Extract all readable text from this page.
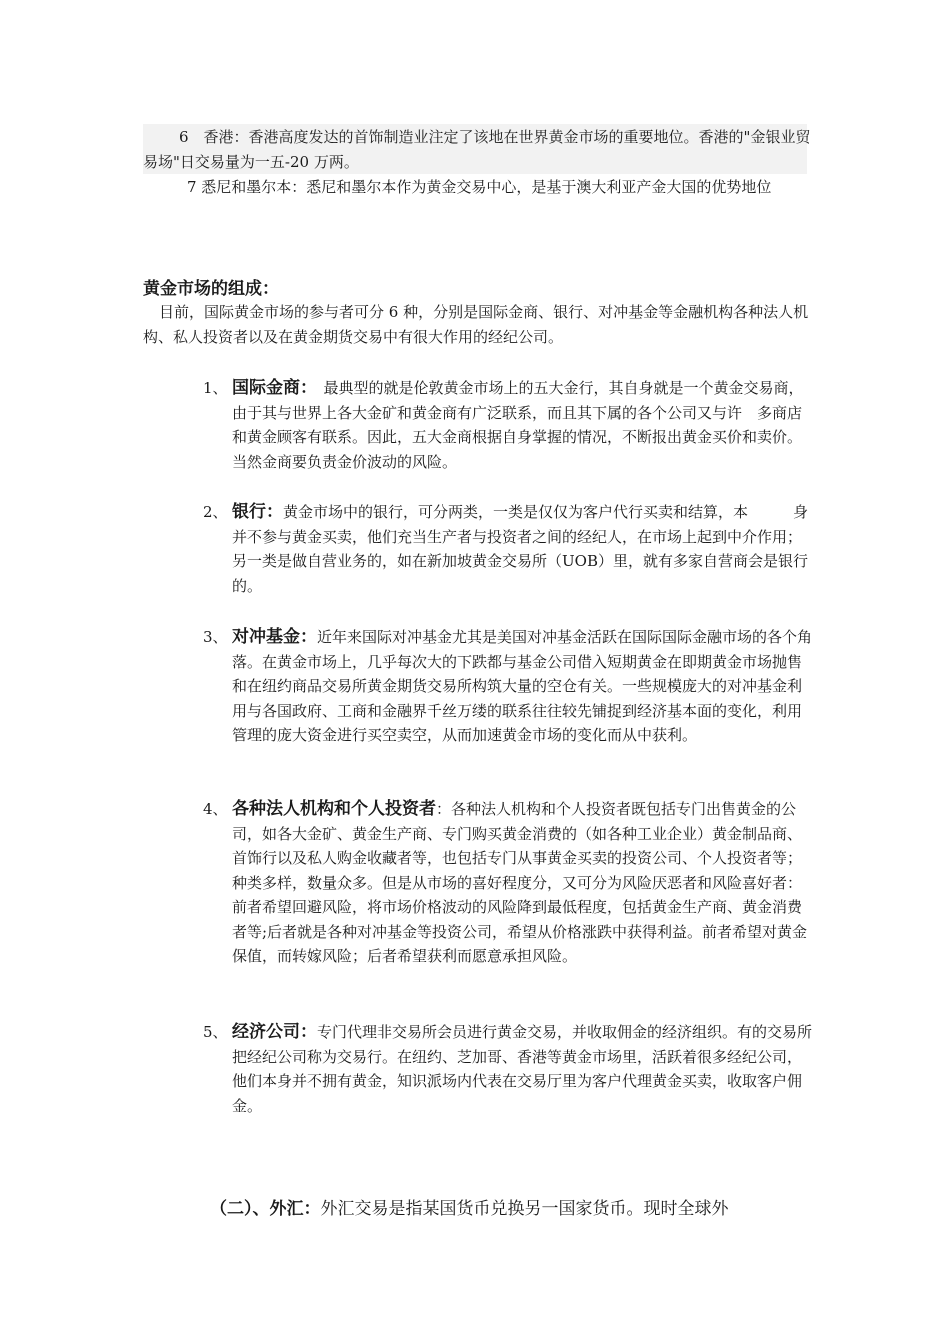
6　香港：香港高度发达的首饰制造业注定了该地在世界黄金市场的重要地位。香港的"金银业贸易场"日交易量为一五-20 万两。
7 悉尼和墨尔本：悉尼和墨尔本作为黄金交易中心，是基于澳大利亚产金大国的优势地位
黄金市场的组成：
目前，国际黄金市场的参与者可分 6 种，分别是国际金商、银行、对冲基金等金融机构各种法人机构、私人投资者以及在黄金期货交易中有很大作用的经纪公司。
1、 国际金商：　最典型的就是伦敦黄金市场上的五大金行，其自身就是一个黄金交易商，由于其与世界上各大金矿和黄金商有广泛联系，而且其下属的各个公司又与许　多商店和黄金顾客有联系。因此，五大金商根据自身掌握的情况，不断报出黄金买价和卖价。当然金商要负责金价波动的风险。
2、 银行：黄金市场中的银行，可分两类，一类是仅仅为客户代行买卖和结算，本　　　身并不参与黄金买卖，他们充当生产者与投资者之间的经纪人，在市场上起到中介作用；另一类是做自营业务的，如在新加坡黄金交易所（UOB）里，就有多家自营商会是银行的。
3、 对冲基金：近年来国际对冲基金尤其是美国对冲基金活跃在国际国际金融市场的各个角落。在黄金市场上，几乎每次大的下跌都与基金公司借入短期黄金在即期黄金市场抛售和在纽约商品交易所黄金期货交易所构筑大量的空仓有关。一些规模庞大的对冲基金利用与各国政府、工商和金融界千丝万缕的联系往往较先铺捉到经济基本面的变化，利用管理的庞大资金进行买空卖空，从而加速黄金市场的变化而从中获利。
4、 各种法人机构和个人投资者：各种法人机构和个人投资者既包括专门出售黄金的公司，如各大金矿、黄金生产商、专门购买黄金消费的（如各种工业企业）黄金制品商、首饰行以及私人购金收藏者等，也包括专门从事黄金买卖的投资公司、个人投资者等；种类多样，数量众多。但是从市场的喜好程度分，又可分为风险厌恶者和风险喜好者：前者希望回避风险，将市场价格波动的风险降到最低程度，包括黄金生产商、黄金消费者等;后者就是各种对冲基金等投资公司，希望从价格涨跌中获得利益。前者希望对黄金保值，而转嫁风险；后者希望获利而愿意承担风险。
5、 经济公司：专门代理非交易所会员进行黄金交易，并收取佣金的经济组织。有的交易所把经纪公司称为交易行。在纽约、芝加哥、香港等黄金市场里，活跃着很多经纪公司，他们本身并不拥有黄金，知识派场内代表在交易厅里为客户代理黄金买卖，收取客户佣金。
（二）、外汇：外汇交易是指某国货币兑换另一国家货币。现时全球外
